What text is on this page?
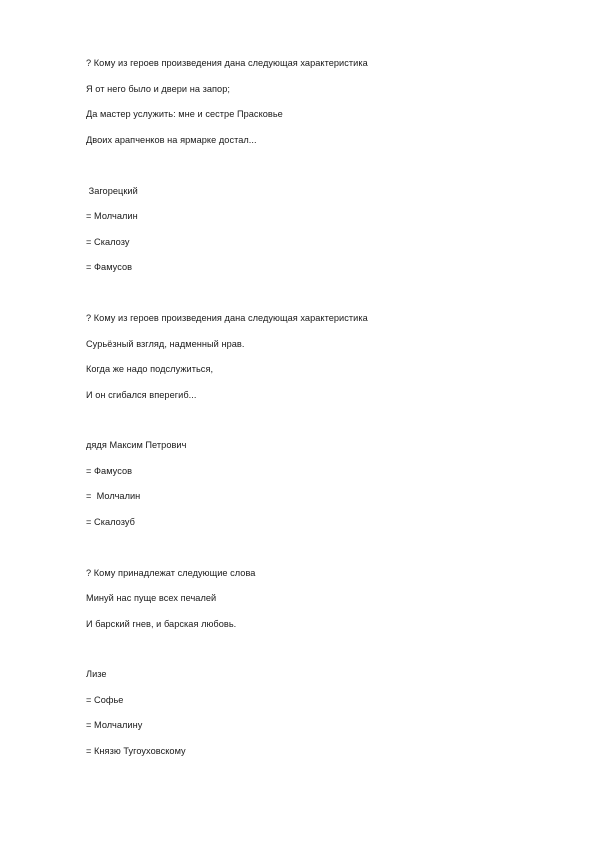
? Кому из героев произведения дана следующая характеристика
Я от него было и двери на запор;
Да мастер услужить: мне и сестре Прасковье
Двоих арапченков на ярмарке достал...
Загорецкий
= Молчалин
= Скалозу
= Фамусов
? Кому из героев произведения дана следующая характеристика
Сурьёзный взгляд, надменный нрав.
Когда же надо подслужиться,
И он сгибался вперегиб...
дядя Максим Петрович
= Фамусов
=  Молчалин
= Скалозуб
? Кому принадлежат следующие слова
Минуй нас пуще всех печалей
И барский гнев, и барская любовь.
Лизе
= Софье
= Молчалину
= Князю Тугоуховскому
